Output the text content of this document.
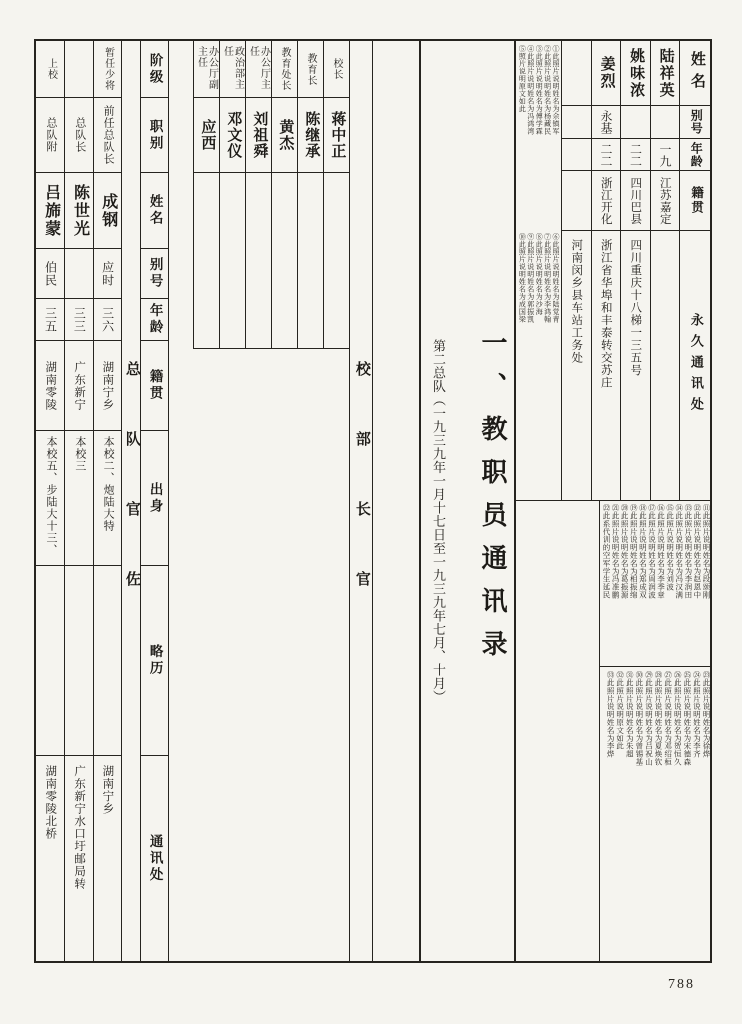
暂任少将
前任总队长
成钢
应时
三六
湖南宁乡
本校二、炮陆大特
湖南宁乡
总队长
陈世光
三三
广东新宁
本校三
广东新宁水口圩邮局转
上校
总队附
吕旆蒙
伯民
三五
湖南零陵
本校五、步陆大十三、
湖南零陵北桥
总队官佐
阶级
职别
姓名
别号
年龄
籍贯
出身
略历
通讯处
校长
蒋中正
教育长
陈继承
教育处长
黄杰
办公厅主任
刘祖舜
政治部主任
邓文仪
办公厅副主任
应西
校部长官	第二总队（一九三九年一月十七日至一九三九年七月、十月） 一、教职员通讯录
①此照片说明姓名为佘镇军
②此照片说明姓名为杨藏民
③此照片说明姓名为傅学霖
④此照片说明姓名为冯鸿湾
⑤照片说明原文如此
⑥此照片说明姓名为陆觉青
⑦此照片说明姓名为李鸿翰
⑧此照片说明姓名为沙海
⑨此照片说明姓名为郭振凯
⑩此照片说明姓名为成国梁
陆祥英
一九
江苏嘉定
姚味浓
二二
四川巴县
四川重庆十八梯一三五号
姜烈
永基
二二
浙江开化
浙江省华埠和丰泰转交苏庄
河南闵乡县车站工务处
姓名
别号
年龄
籍贯
永久通讯处
⑪此照片说明姓名为段颂刚
⑫此照片说明姓名为赵恩中
⑬此照片说明姓名为李润田
⑭此照片说明姓名为冯汉满
⑮此照片说明姓名为刘波
⑯此照片说明姓名为李季章
⑰此照片说明姓名为周润波
⑱此照片说明姓名为郑成双
⑲此照片说明姓名为相振绵
⑳此照片说明姓名为葛振源
㉑此照片说明姓名为冯准鹏
㉒此系代训的空军学生延民
㉓此照片说明姓名为徐烨
㉔此照片说明姓名为李齐
㉕此照片说明姓名为宋德森
㉖此照片说明姓名为贺恒久
㉗此照片说明姓名为邓绍桓
㉘此照片说明姓名为夏焕钦
㉙此照片说明姓名为吕祝山
㉚此照片说明姓名为曾锡基
㉛此照片说明姓名为朱超
㉜此照片说明原文如此
㉝此照片说明姓名为李烨
788
